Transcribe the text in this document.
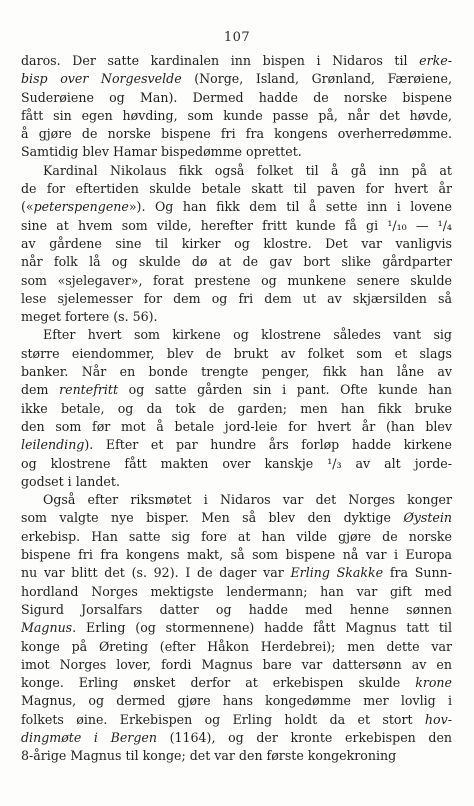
107
daros. Der satte kardinalen inn bispen i Nidaros til erke-
bisp over Norgesvelde (Norge, Island, Grønland, Færøiene,
Suderøiene og Man). Dermed hadde de norske bispene
fått sin egen høvding, som kunde passe på, når det høvde,
å gjøre de norske bispene fri fra kongens overherredømme.
Samtidig blev Hamar bispedømme oprettet.
Kardinal Nikolaus fikk også folket til å gå inn på at
de for eftertiden skulde betale skatt til paven for hvert år
(«peterspengene»). Og han fikk dem til å sette inn i lovene
sine at hvem som vilde, herefter fritt kunde få gi ¹/₁₀ — ¹/₄
av gårdene sine til kirker og klostre. Det var vanligvis
når folk lå og skulde dø at de gav bort slike gårdparter
som «sjelegaver», forat prestene og munkene senere skulde
lese sjelemesser for dem og fri dem ut av skjærsilden så
meget fortere (s. 56).
Efter hvert som kirkene og klostrene således vant sig
større eiendommer, blev de brukt av folket som et slags
banker. Når en bonde trengte penger, fikk han låne av
dem rentefritt og satte gården sin i pant. Ofte kunde han
ikke betale, og da tok de garden; men han fikk bruke
den som før mot å betale jord-leie for hvert år (han blev
leilending). Efter et par hundre års forløp hadde kirkene
og klostrene fått makten over kanskje ¹/₃ av alt jorde-
godset i landet.
Også efter riksmøtet i Nidaros var det Norges konger
som valgte nye bisper. Men så blev den dyktige Øystein
erkebisp. Han satte sig fore at han vilde gjøre de norske
bispene fri fra kongens makt, så som bispene nå var i Europa
nu var blitt det (s. 92). I de dager var Erling Skakke fra Sunn-
hordland Norges mektigste lendermann; han var gift med
Sigurd Jorsalfars datter og hadde med henne sønnen
Magnus. Erling (og stormennene) hadde fått Magnus tatt til
konge på Øreting (efter Håkon Herdebrei); men dette var
imot Norges lover, fordi Magnus bare var dattersønn av en
konge. Erling ønsket derfor at erkebispen skulde krone
Magnus, og dermed gjøre hans kongedømme mer lovlig i
folkets øine. Erkebispen og Erling holdt da et stort hov-
dingmøte i Bergen (1164), og der kronte erkebispen den
8-årige Magnus til konge; det var den første kongekroning
